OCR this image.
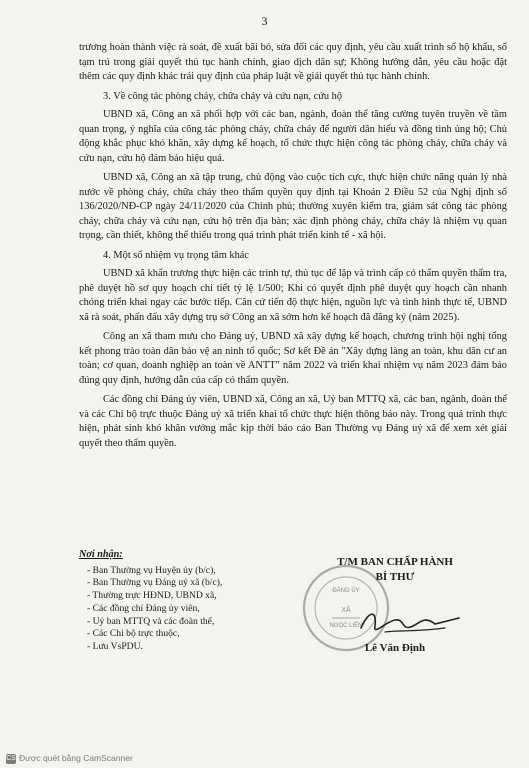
3

trương hoàn thành việc rà soát, đề xuất bãi bỏ, sửa đổi các quy định, yêu cầu xuất trình sổ hộ khẩu, sổ tạm trú trong giải quyết thủ tục hành chính, giao dịch dân sự; Không hướng dẫn, yêu cầu hoặc đặt thêm các quy định khác trái quy định của pháp luật về giải quyết thủ tục hành chính.

3. Về công tác phòng cháy, chữa cháy và cứu nạn, cứu hộ

UBND xã, Công an xã phối hợp với các ban, ngành, đoàn thể tăng cường tuyên truyền về tầm quan trọng, ý nghĩa của công tác phòng cháy, chữa cháy để người dân hiểu và đồng tình ủng hộ; Chủ động khắc phục khó khăn, xây dựng kế hoạch, tổ chức thực hiện công tác phòng cháy, chữa cháy và cứu nạn, cứu hộ đảm bảo hiệu quả.

UBND xã, Công an xã tập trung, chủ động vào cuộc tích cực, thực hiện chức năng quản lý nhà nước về phòng cháy, chữa cháy theo thẩm quyền quy định tại Khoản 2 Điều 52 của Nghị định số 136/2020/NĐ-CP ngày 24/11/2020 của Chính phủ; thường xuyên kiểm tra, giám sát công tác phòng cháy, chữa cháy và cứu nạn, cứu hộ trên địa bàn; xác định phòng cháy, chữa cháy là nhiệm vụ quan trọng, cần thiết, không thể thiếu trong quá trình phát triển kinh tế - xã hội.

4. Một số nhiệm vụ trọng tâm khác

UBND xã khẩn trương thực hiện các trình tự, thủ tục để lập và trình cấp có thẩm quyền thẩm tra, phê duyệt hồ sơ quy hoạch chi tiết tỷ lệ 1/500; Khi có quyết định phê duyệt quy hoạch cần nhanh chóng triển khai ngay các bước tiếp. Căn cứ tiến độ thực hiện, nguồn lực và tình hình thực tế, UBND xã rà soát, phấn đấu xây dựng trụ sở Công an xã sớm hơn kế hoạch đã đăng ký (năm 2025).

Công an xã tham mưu cho Đảng uỷ, UBND xã xây dựng kế hoạch, chương trình hội nghị tổng kết phong trào toàn dân bảo vệ an ninh tổ quốc; Sơ kết Đề án "Xây dựng làng an toàn, khu dân cư an toàn; cơ quan, doanh nghiệp an toàn về ANTT" năm 2022 và triển khai nhiệm vụ năm 2023 đảm bảo đúng quy định, hướng dẫn của cấp có thẩm quyền.

Các đồng chí Đảng ủy viên, UBND xã, Công an xã, Uỷ ban MTTQ xã, các ban, ngành, đoàn thể và các Chi bộ trực thuộc Đảng uỷ xã triển khai tổ chức thực hiện thông báo này. Trong quá trình thực hiện, phát sinh khó khăn vướng mắc kịp thời báo cáo Ban Thường vụ Đảng uỷ xã để xem xét giải quyết theo thẩm quyền.

Nơi nhận:
- Ban Thường vụ Huyện ủy (b/c),
- Ban Thường vụ Đảng uỷ xã (b/c),
- Thường trực HĐND, UBND xã,
- Các đồng chí Đảng ủy viên,
- Uỷ ban MTTQ và các đoàn thể,
- Các Chi bộ trực thuộc,
- Lưu VsPDU.
ĐẢNG ỦY
XÃ
NGỌC LIÊN
T/M BAN CHẤP HÀNH
BÍ THƯ
Lê Văn Định
CS Được quét bằng CamScanner
